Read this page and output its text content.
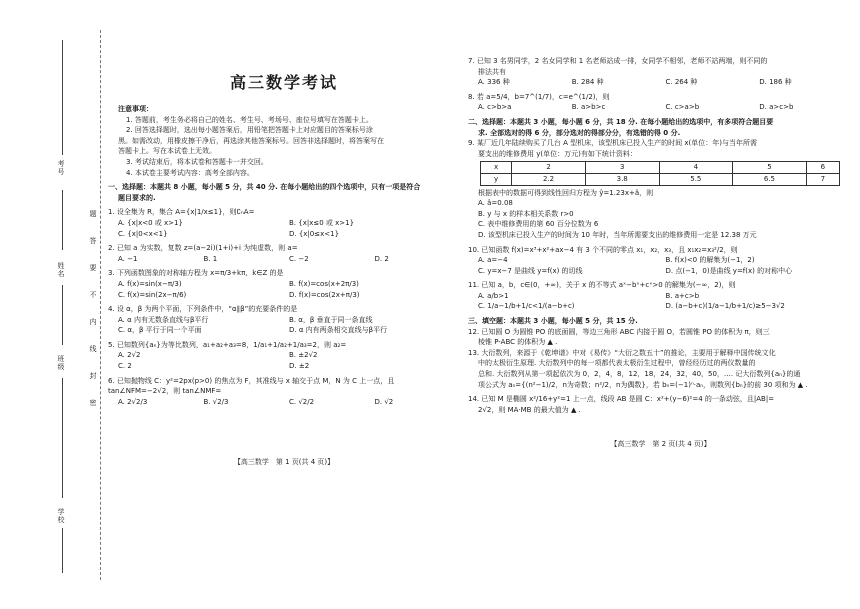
考号
姓名
班级
学校
题
答
要
不
内
线
封
密

高三数学考试

注意事项：

1. 答题前，考生务必将自己的姓名、考生号、考场号、座位号填写在答题卡上。

2. 回答选择题时，选出每小题答案后，用铅笔把答题卡上对应题目的答案标号涂

黑。如需改动，用橡皮擦干净后，再选涂其他答案标号。回答非选择题时，将答案写在

答题卡上。写在本试卷上无效。

3. 考试结束后，将本试卷和答题卡一并交回。

4. 本试卷主要考试内容：高考全部内容。

一、选择题：本题共 8 小题，每小题 5 分，共 40 分. 在每小题给出的四个选项中，只有一项是符合

题目要求的.

1. 设全集为 R，集合 A={x|1/x≤1}，则∁ₙA=

A. {x|x<0 或 x>1}	B. {x|x≤0 或 x>1}
C. {x|0<x<1}	D. {x|0≤x<1}

2. 已知 a 为实数，复数 z=(a−2i)(1+i)+i 为纯虚数，则 a=

A. −1	B. 1	C. −2	D. 2

3. 下列函数图象的对称轴方程为 x=π/3+kπ，k∈Z 的是

A. f(x)=sin(x−π/3)	B. f(x)=cos(x+2π/3)
C. f(x)=sin(2x−π/6)	D. f(x)=cos(2x+π/3)

4. 设 α，β 为两个平面，下列条件中，“α∥β”的充要条件的是

A. α 内有无数条直线与β平行	B. α，β 垂直于同一条直线
C. α，β 平行于同一个平面	D. α 内有两条相交直线与β平行

5. 已知数列{aₙ}为等比数列，a₁+a₂+a₃=8，1/a₁+1/a₂+1/a₃=2，则 a₂=

A. 2√2	B. ±2√2
C. 2	D. ±2

6. 已知抛物线 C：y²=2px(p>0) 的焦点为 F，其准线与 x 轴交于点 M，N 为 C 上一点，且

tan∠NFM=−2√2，则 tan∠NMF=

A. 2√2/3	B. √2/3	C. √2/2	D. √2

【高三数学　第 1 页(共 4 页)】

7. 已知 3 名男同学，2 名女同学和 1 名老师站成一排，女同学不相邻，老师不站两端，则不同的

排法共有

A. 336 种	B. 284 种	C. 264 种	D. 186 种

8. 若 a=5/4，b=7^(1/7)，c=e^(1/2)，则

A. c>b>a	B. a>b>c	C. c>a>b	D. a>c>b

二、选择题：本题共 3 小题，每小题 6 分，共 18 分. 在每小题给出的选项中，有多项符合题目要

求. 全部选对的得 6 分，部分选对的得部分分，有选错的得 0 分.

9. 某厂近几年陆续购买了几台 A 型机床，该型机床已投入生产的时间 x(单位：年)与当年所需

要支出的维修费用 y(单位：万元)有如下统计资料：

x	2	3	4	5	6
y	2.2	3.8	5.5	6.5	7

根据表中的数据可得到线性回归方程为 ŷ=1.23x+â，则

A. â=0.08

B. y 与 x 的样本相关系数 r>0

C. 表中维修费用的第 60 百分位数为 6

D. 该型机床已投入生产的时间为 10 年时，当年所需要支出的维修费用一定是 12.38 万元

10. 已知函数 f(x)=x³+x²+ax−4 有 3 个不同的零点 x₁，x₂，x₃，且 x₁x₂=x₃²/2，则

A. a=−4	B. f(x)<0 的解集为(−1，2)
C. y=x−7 是曲线 y=f(x) 的切线	D. 点(−1，0)是曲线 y=f(x) 的对称中心

11. 已知 a，b，c∈(0，+∞)，关于 x 的不等式 aˣ−bˣ+cˣ>0 的解集为(−∞，2)，则

A. a/b>1	B. a+c>b
C. 1/a−1/b+1/c<1/(a−b+c)	D. (a−b+c)(1/a−1/b+1/c)≥5−3√2

三、填空题：本题共 3 小题，每小题 5 分，共 15 分.

12. 已知圆 O 为圆锥 PO 的底面圆，等边三角形 ABC 内接于圆 O，若圆锥 PO 的体积为 π，则三

棱锥 P-ABC 的体积为 ▲ .

13. 大衍数列，来源于《乾坤谱》中对《易传》“大衍之数五十”的推论，主要用于解释中国传统文化

中的太极衍生原理. 大衍数列中的每一项都代表太极衍生过程中，曾经经历过的两仪数量的

总和. 大衍数列从第一项起依次为 0，2，4，8，12，18，24，32，40，50，…. 记大衍数列{aₙ}的通

项公式为 aₙ={(n²−1)/2，n为奇数；n²/2，n为偶数}，若 bₙ=(−1)ⁿ·aₙ，则数列{bₙ}的前 30 项和为 ▲ .

14. 已知 M 是椭圆 x²/16+y²=1 上一点，线段 AB 是圆 C：x²+(y−6)²=4 的一条动弦，且|AB|=

2√2，则 MA·MB 的最大值为 ▲ .

【高三数学　第 2 页(共 4 页)】
